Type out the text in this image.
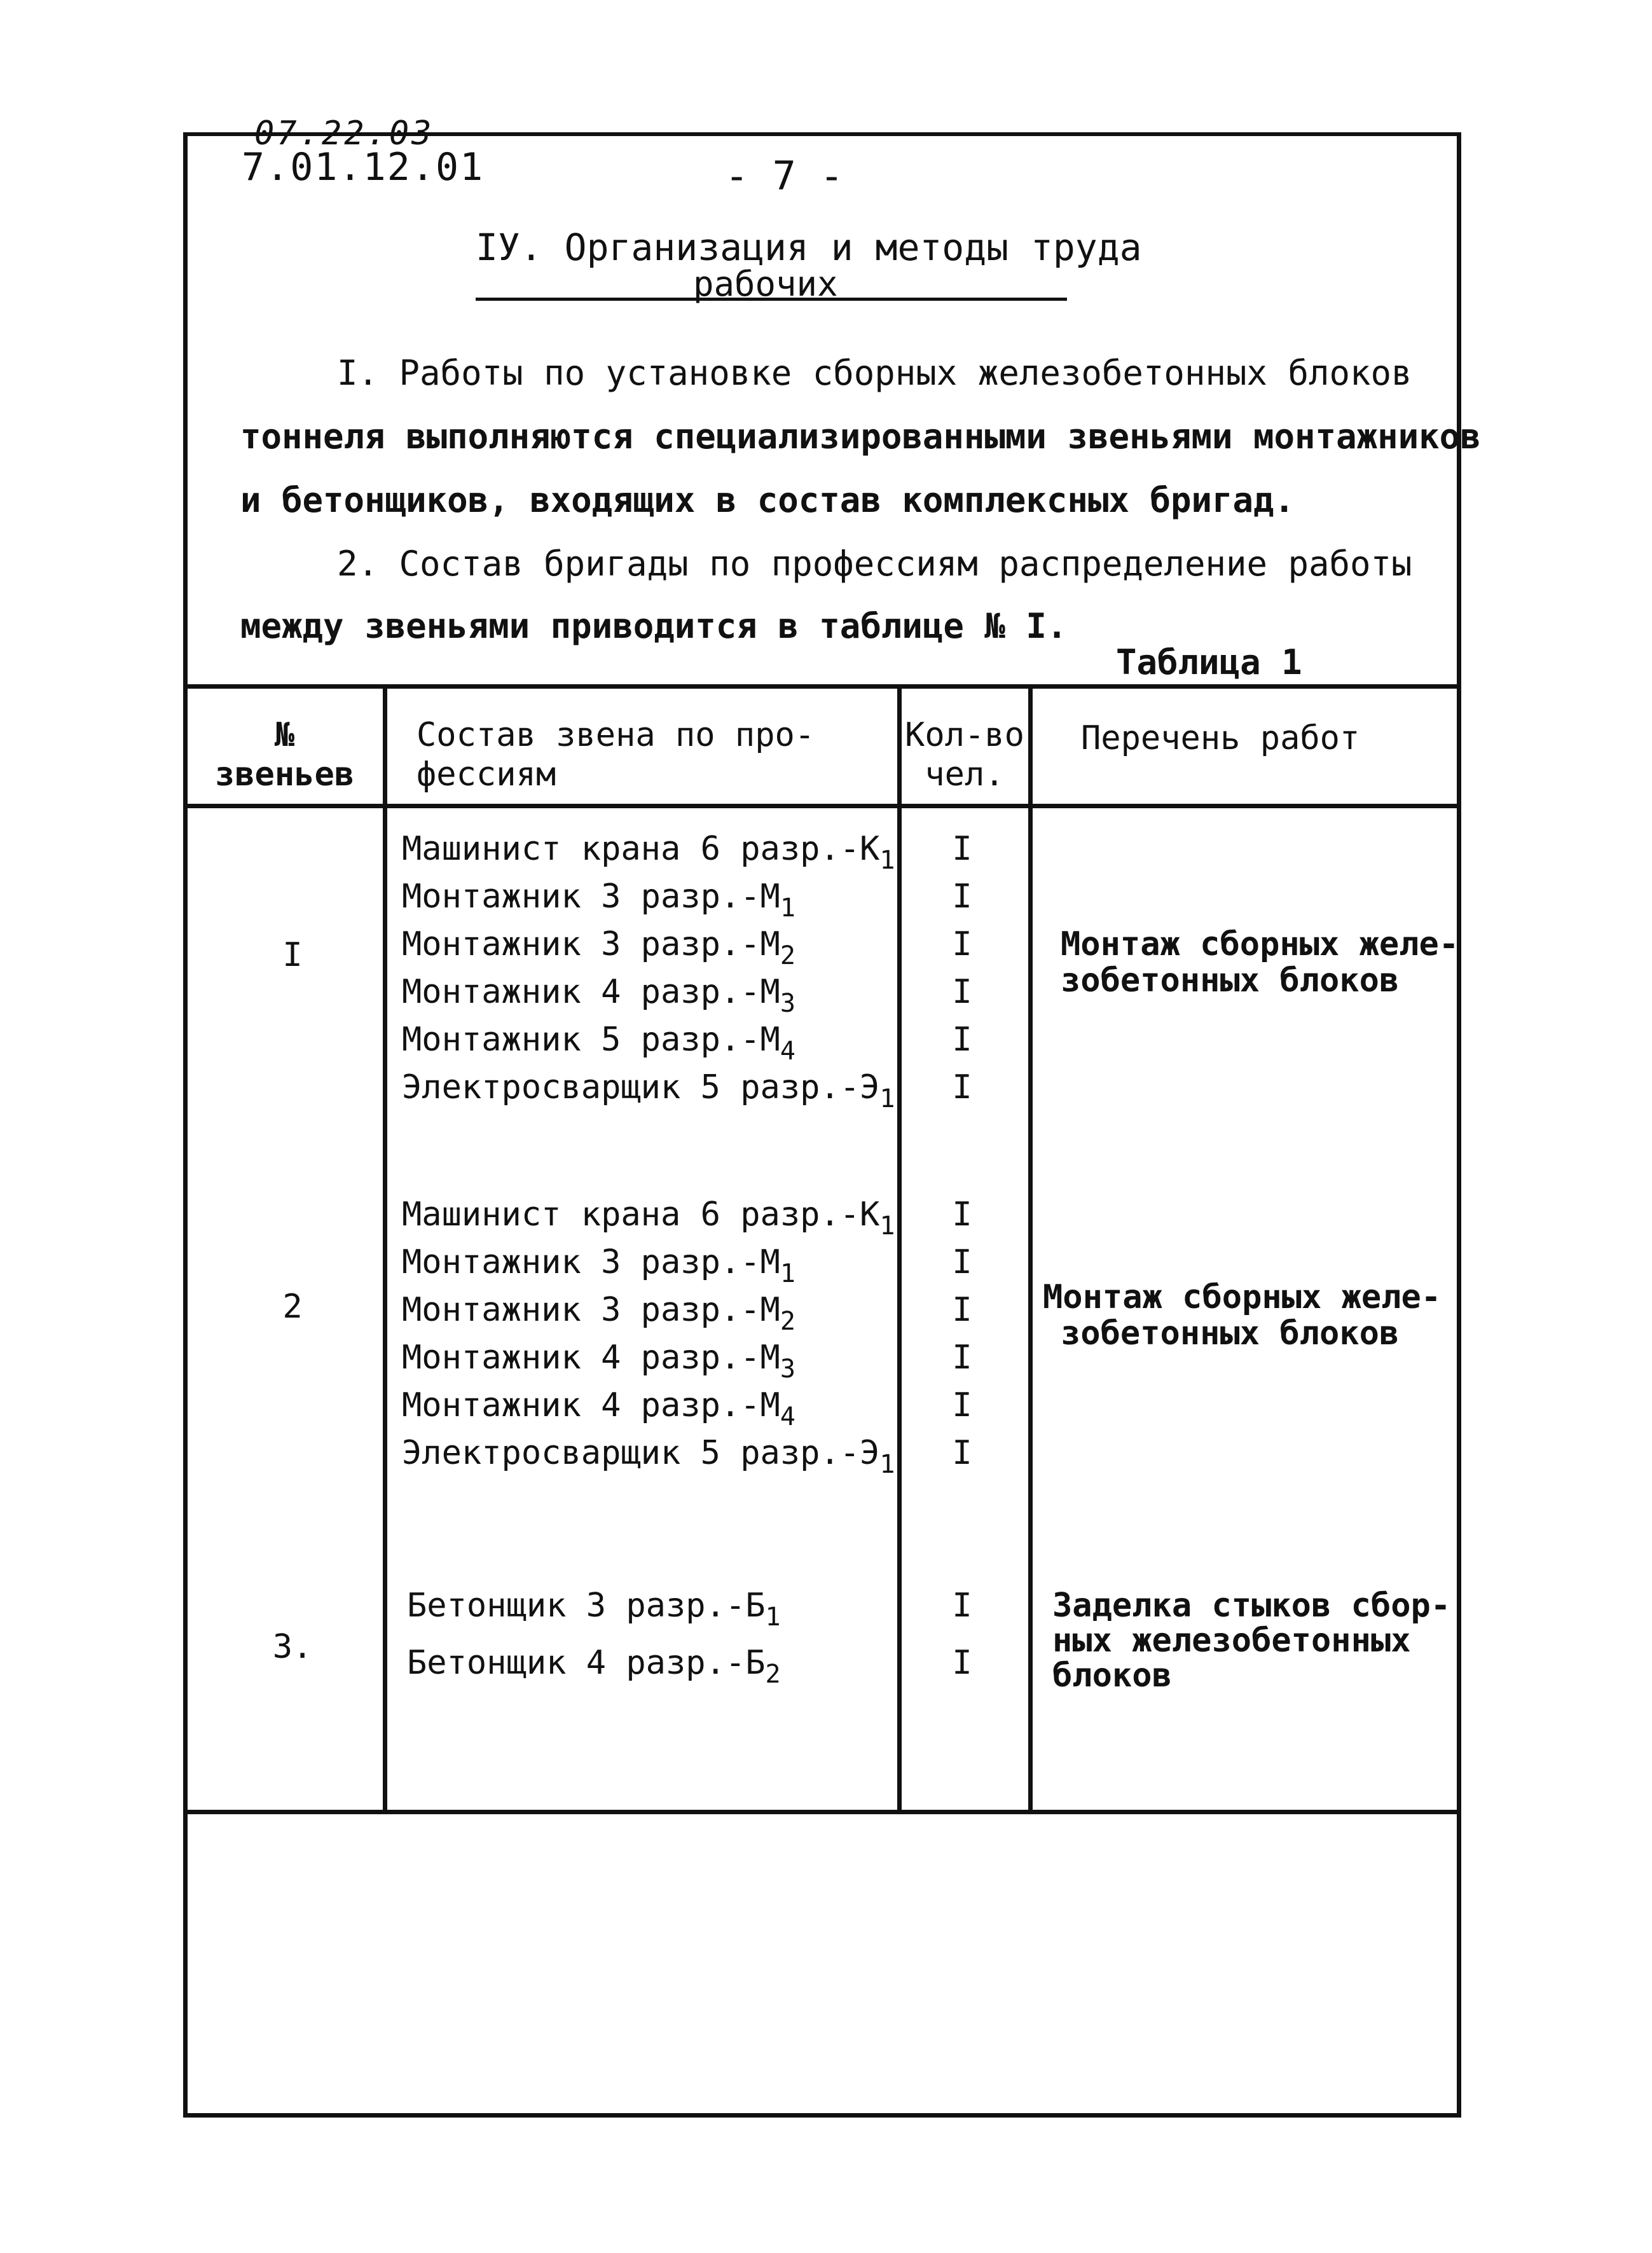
07.22.03
7.01.12.01	- 7 -
IУ. Организация и методы труда
рабочих
I. Работы по установке сборных железобетонных блоков
тоннеля выполняются специализированными звеньями монтажников
и бетонщиков, входящих в состав комплексных бригад.
2. Состав бригады по профессиям распределение работы
между звеньями приводится в таблице № I.
Таблица 1
№
звеньев
Состав звена по про-
фессиям
Кол-во
чел.
Перечень работ
I
Машинист крана 6 $разр.-К_1$
Монтажник 3 $разр.-М_1$
Монтажник 3 $разр.-М_2$
Монтажник 4 $разр.-М_3$
Монтажник 5 $разр.-М_4$
Электросварщик 5 $разр.-Э_1$
I
I
I
I
I
I
Монтаж сборных желе-
зобетонных блоков
2
Машинист крана 6 $разр.-К_1$
Монтажник 3 $разр.-М_1$
Монтажник 3 $разр.-М_2$
Монтажник 4 $разр.-М_3$
Монтажник 4 $разр.-М_4$
Электросварщик 5 $разр.-Э_1$
I
I
I
I
I
I
Монтаж сборных желе-
зобетонных блоков
3.
Бетонщик 3 $разр.-Б_1$
Бетонщик 4 $разр.-Б_2$
I
I
Заделка стыков сбор-
ных железобетонных
блоков
